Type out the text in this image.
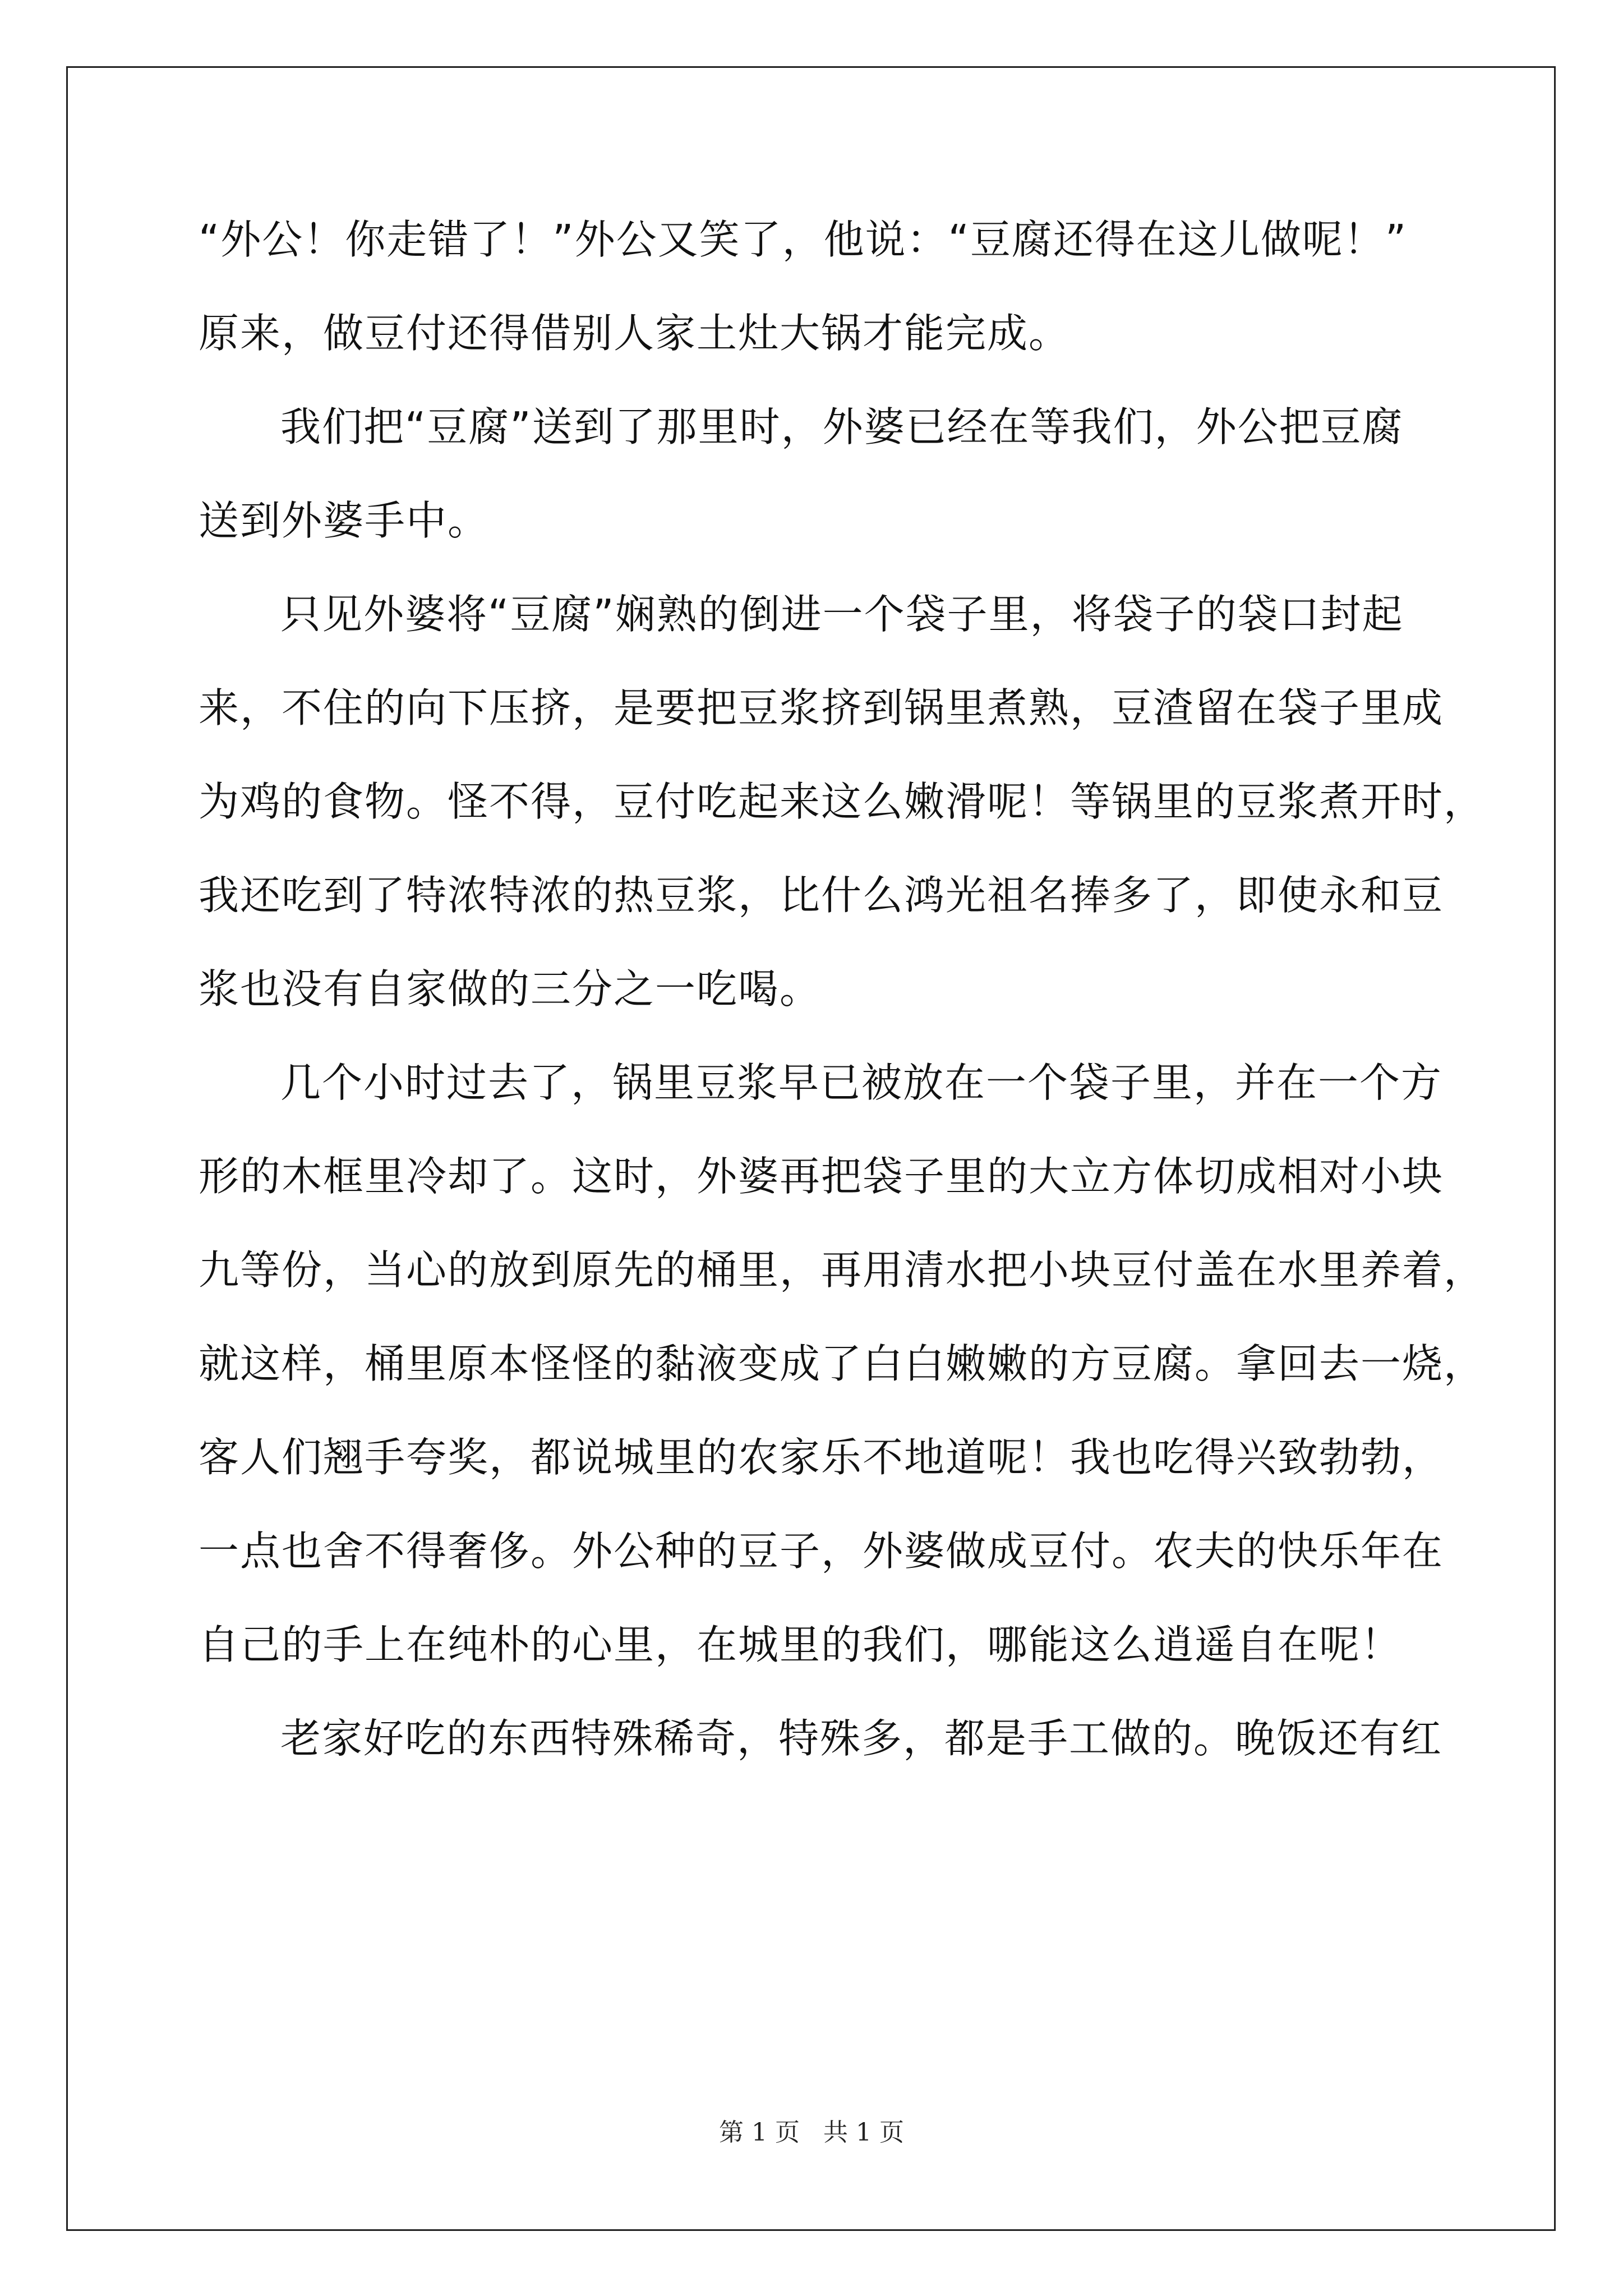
“外公！你走错了！”外公又笑了，他说：“豆腐还得在这儿做呢！”
原来，做豆付还得借别人家土灶大锅才能完成。

我们把“豆腐”送到了那里时，外婆已经在等我们，外公把豆腐
送到外婆手中。

只见外婆将“豆腐”娴熟的倒进一个袋子里，将袋子的袋口封起
来，不住的向下压挤，是要把豆浆挤到锅里煮熟，豆渣留在袋子里成
为鸡的食物。怪不得，豆付吃起来这么嫩滑呢！等锅里的豆浆煮开时，
我还吃到了特浓特浓的热豆浆，比什么鸿光祖名捧多了，即使永和豆
浆也没有自家做的三分之一吃喝。

几个小时过去了，锅里豆浆早已被放在一个袋子里，并在一个方
形的木框里冷却了。这时，外婆再把袋子里的大立方体切成相对小块
九等份，当心的放到原先的桶里，再用清水把小块豆付盖在水里养着，
就这样，桶里原本怪怪的黏液变成了白白嫩嫩的方豆腐。拿回去一烧，
客人们翘手夸奖，都说城里的农家乐不地道呢！我也吃得兴致勃勃，
一点也舍不得奢侈。外公种的豆子，外婆做成豆付。农夫的快乐年在
自己的手上在纯朴的心里，在城里的我们，哪能这么逍遥自在呢！

老家好吃的东西特殊稀奇，特殊多，都是手工做的。晚饭还有红

第 1 页   共 1 页
